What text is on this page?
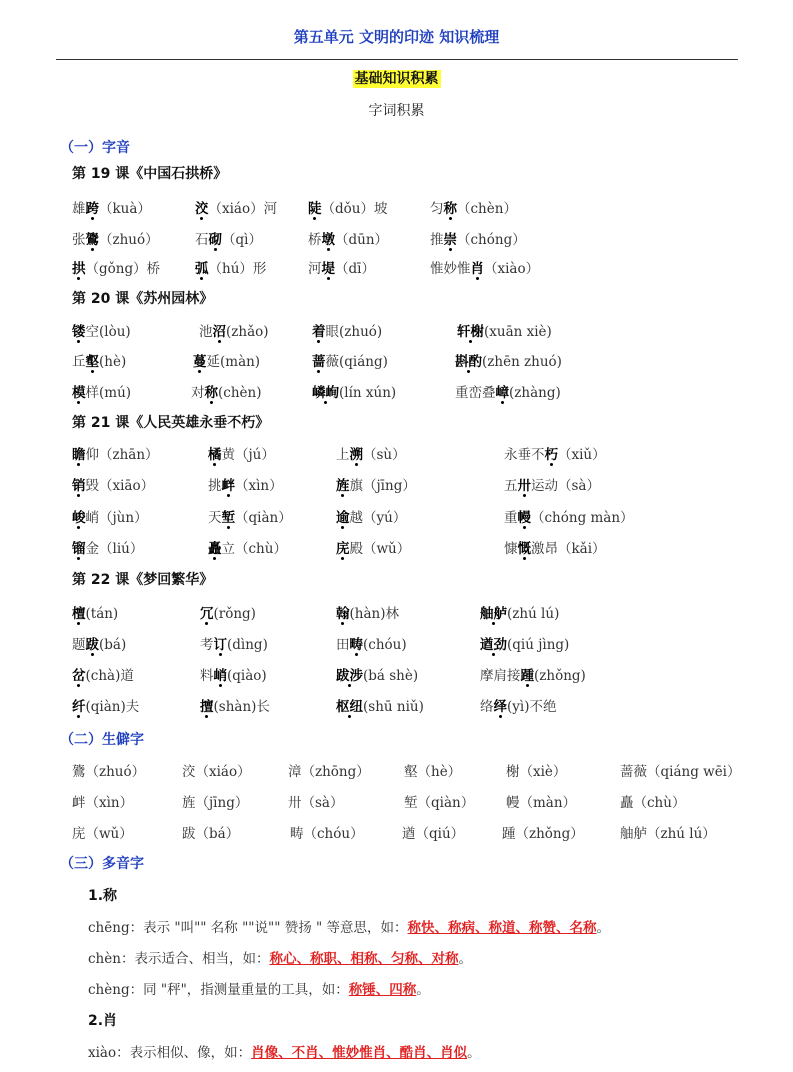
第五单元 文明的印迹 知识梳理
基础知识积累
字词积累
（一）字音
第 19 课《中国石拱桥》
雄跨（kuà）	洨（xiáo）河 陡（dǒu）坡	匀称（chèn）
张鷟（zhuó）	石砌（qì）	桥墩（dūn）	推崇（chóng）
拱（gǒng）桥	弧（hú）形	河堤（dī）	惟妙惟肖（xiào）
第 20 课《苏州园林》
镂空(lòu)	池沼(zhǎo)	着眼(zhuó)	轩榭(xuān xiè)
丘壑(hè)	蔓延(màn)	蔷薇(qiáng)	斟酌(zhēn zhuó)
模样(mú)	对称(chèn)	嶙峋(lín xún)	重峦叠嶂(zhàng)
第 21 课《人民英雄永垂不朽》
瞻仰（zhān）	橘黄（jú）	上溯（sù）	永垂不朽（xiǔ）
销毁（xiāo）	挑衅（xìn）	旌旗（jīng）	五卅运动（sà）
峻峭（jùn）	天堑（qiàn）	逾越（yú）	重幔（chóng màn）
镏金（liú）	矗立（chù）	庑殿（wǔ）	慷慨激昂（kǎi）
第 22 课《梦回繁华》
檀(tán)	冗(rǒng)	翰(hàn)林	舳舻(zhú lú)
题跋(bá)	考订(dìng)	田畴(chóu)	遒劲(qiú jìng)
岔(chà)道	料峭(qiào)	跋涉(bá shè)	摩肩接踵(zhǒng)
纤(qiàn)夫	擅(shàn)长	枢纽(shū niǔ)	络绎(yì)不绝
（二）生僻字
鷟（zhuó）	洨（xiáo）	漳（zhōng）	壑（hè）	榭（xiè）	蔷薇（qiáng wēi）
衅（xìn）	旌（jīng）	卅（sà）	堑（qiàn） 幔（màn）	矗（chù）
庑（wǔ）	跋（bá）	畴（chóu）	遒（qiú）	踵（zhǒng）	舳舻（zhú lú）
（三）多音字
1.称
chēng：表示 "叫"" 名称 ""说"" 赞扬 " 等意思，如：称快、称病、称道、称赞、名称。
chèn：表示适合、相当，如：称心、称职、相称、匀称、对称。
chèng：同 "秤"，指测量重量的工具，如：称锤、四称。
2.肖
xiào：表示相似、像，如：肖像、不肖、惟妙惟肖、酷肖、肖似。
